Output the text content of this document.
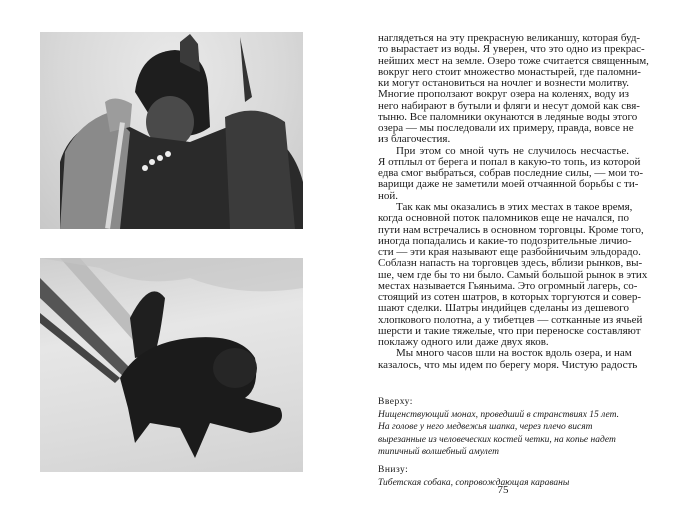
наглядеться на эту прекрасную великаншу, которая буд-
то вырастает из воды. Я уверен, что это одно из прекрас-
нейших мест на земле. Озеро тоже считается священным,
вокруг него стоит множество монастырей, где паломни-
ки могут остановиться на ночлег и вознести молитву.
Многие проползают вокруг озера на коленях, воду из
него набирают в бутыли и фляги и несут домой как свя-
тыню. Все паломники окунаются в ледяные воды этого
озера — мы последовали их примеру, правда, вовсе не
из благочестия.
При этом со мной чуть не случилось несчастье.
Я отплыл от берега и попал в какую-то топь, из которой
едва смог выбраться, собрав последние силы, — мои то-
варищи даже не заметили моей отчаянной борьбы с ти-
ной.
Так как мы оказались в этих местах в такое время,
когда основной поток паломников еще не начался, по
пути нам встречались в основном торговцы. Кроме того,
иногда попадались и какие-то подозрительные личио-
сти — эти края называют еще разбойничьим эльдорадо.
Соблазн напасть на торговцев здесь, вблизи рынков, вы-
ше, чем где бы то ни было. Самый большой рынок в этих
местах называется Гьяньима. Это огромный лагерь, со-
стоящий из сотен шатров, в которых торгуются и совер-
шают сделки. Шатры индийцев сделаны из дешевого
хлопкового полотна, а у тибетцев — сотканные из ячьей
шерсти и такие тяжелые, что при переноске составляют
поклажу одного или даже двух яков.
Мы много часов шли на восток вдоль озера, и нам
казалось, что мы идем по берегу моря. Чистую радость
Вверху:
Нищенствующий монах, проведший в странствиях 15 лет.
На голове у него медвежья шапка, через плечо висят
вырезанные из человеческих костей четки, на копье надет
типичный волшебный амулет
Внизу:
Тибетская собака, сопровождающая караваны
75
